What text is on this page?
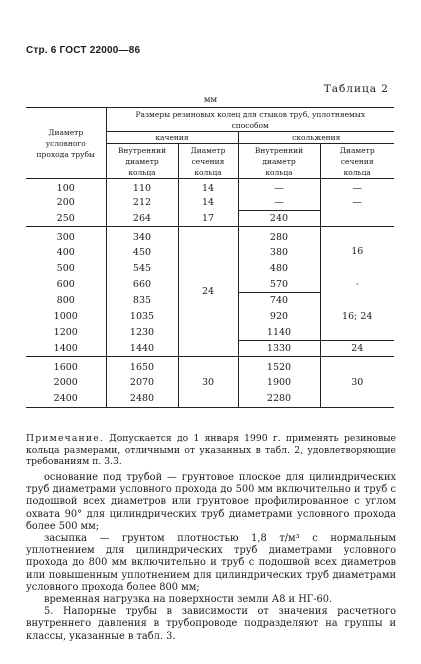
Стр. 6 ГОСТ 22000—86
Таблица 2
мм
Диаметр условного прохода трубы	Размеры резиновых колец для стыков труб, уплотняемых способом			
	качения		скольжения	
	Внутренний диаметр кольца	Диаметр сечения кольца	Внутренний диаметр кольца	Диаметр сечения кольца
100	110	14	—	—
200	212	14	—	—
250	264	17	240	
300	340	24	280	16
400	450		380	
500	545		480	
600	660		570	·
800	835		740	16; 24
1000	1035		920	
1200	1230		1140	
1400	1440		1330	24
1600	1650	30	1520	30
2000	2070		1900	
2400	2480		2280	
Примечание. Допускается до 1 января 1990 г. применять резиновые кольца размерами, отличными от указанных в табл. 2, удовлетворяющие требованиям п. 3.3.

основание под трубой — грунтовое плоское для цилиндрических труб диаметрами условного прохода до 500 мм включительно и труб с подошвой всех диаметров или грунтовое профилированное с углом охвата 90° для цилиндрических труб диаметрами условного прохода более 500 мм;

засыпка — грунтом плотностью 1,8 т/м³ с нормальным уплотнением для цилиндрических труб диаметрами условного прохода до 800 мм включительно и труб с подошвой всех диаметров или повышенным уплотнением для цилиндрических труб диаметрами условного прохода более 800 мм;

временная нагрузка на поверхности земли А8 и НГ-60.

5. Напорные трубы в зависимости от значения расчетного внутреннего давления в трубопроводе подразделяют на группы и классы, указанные в табл. 3.
